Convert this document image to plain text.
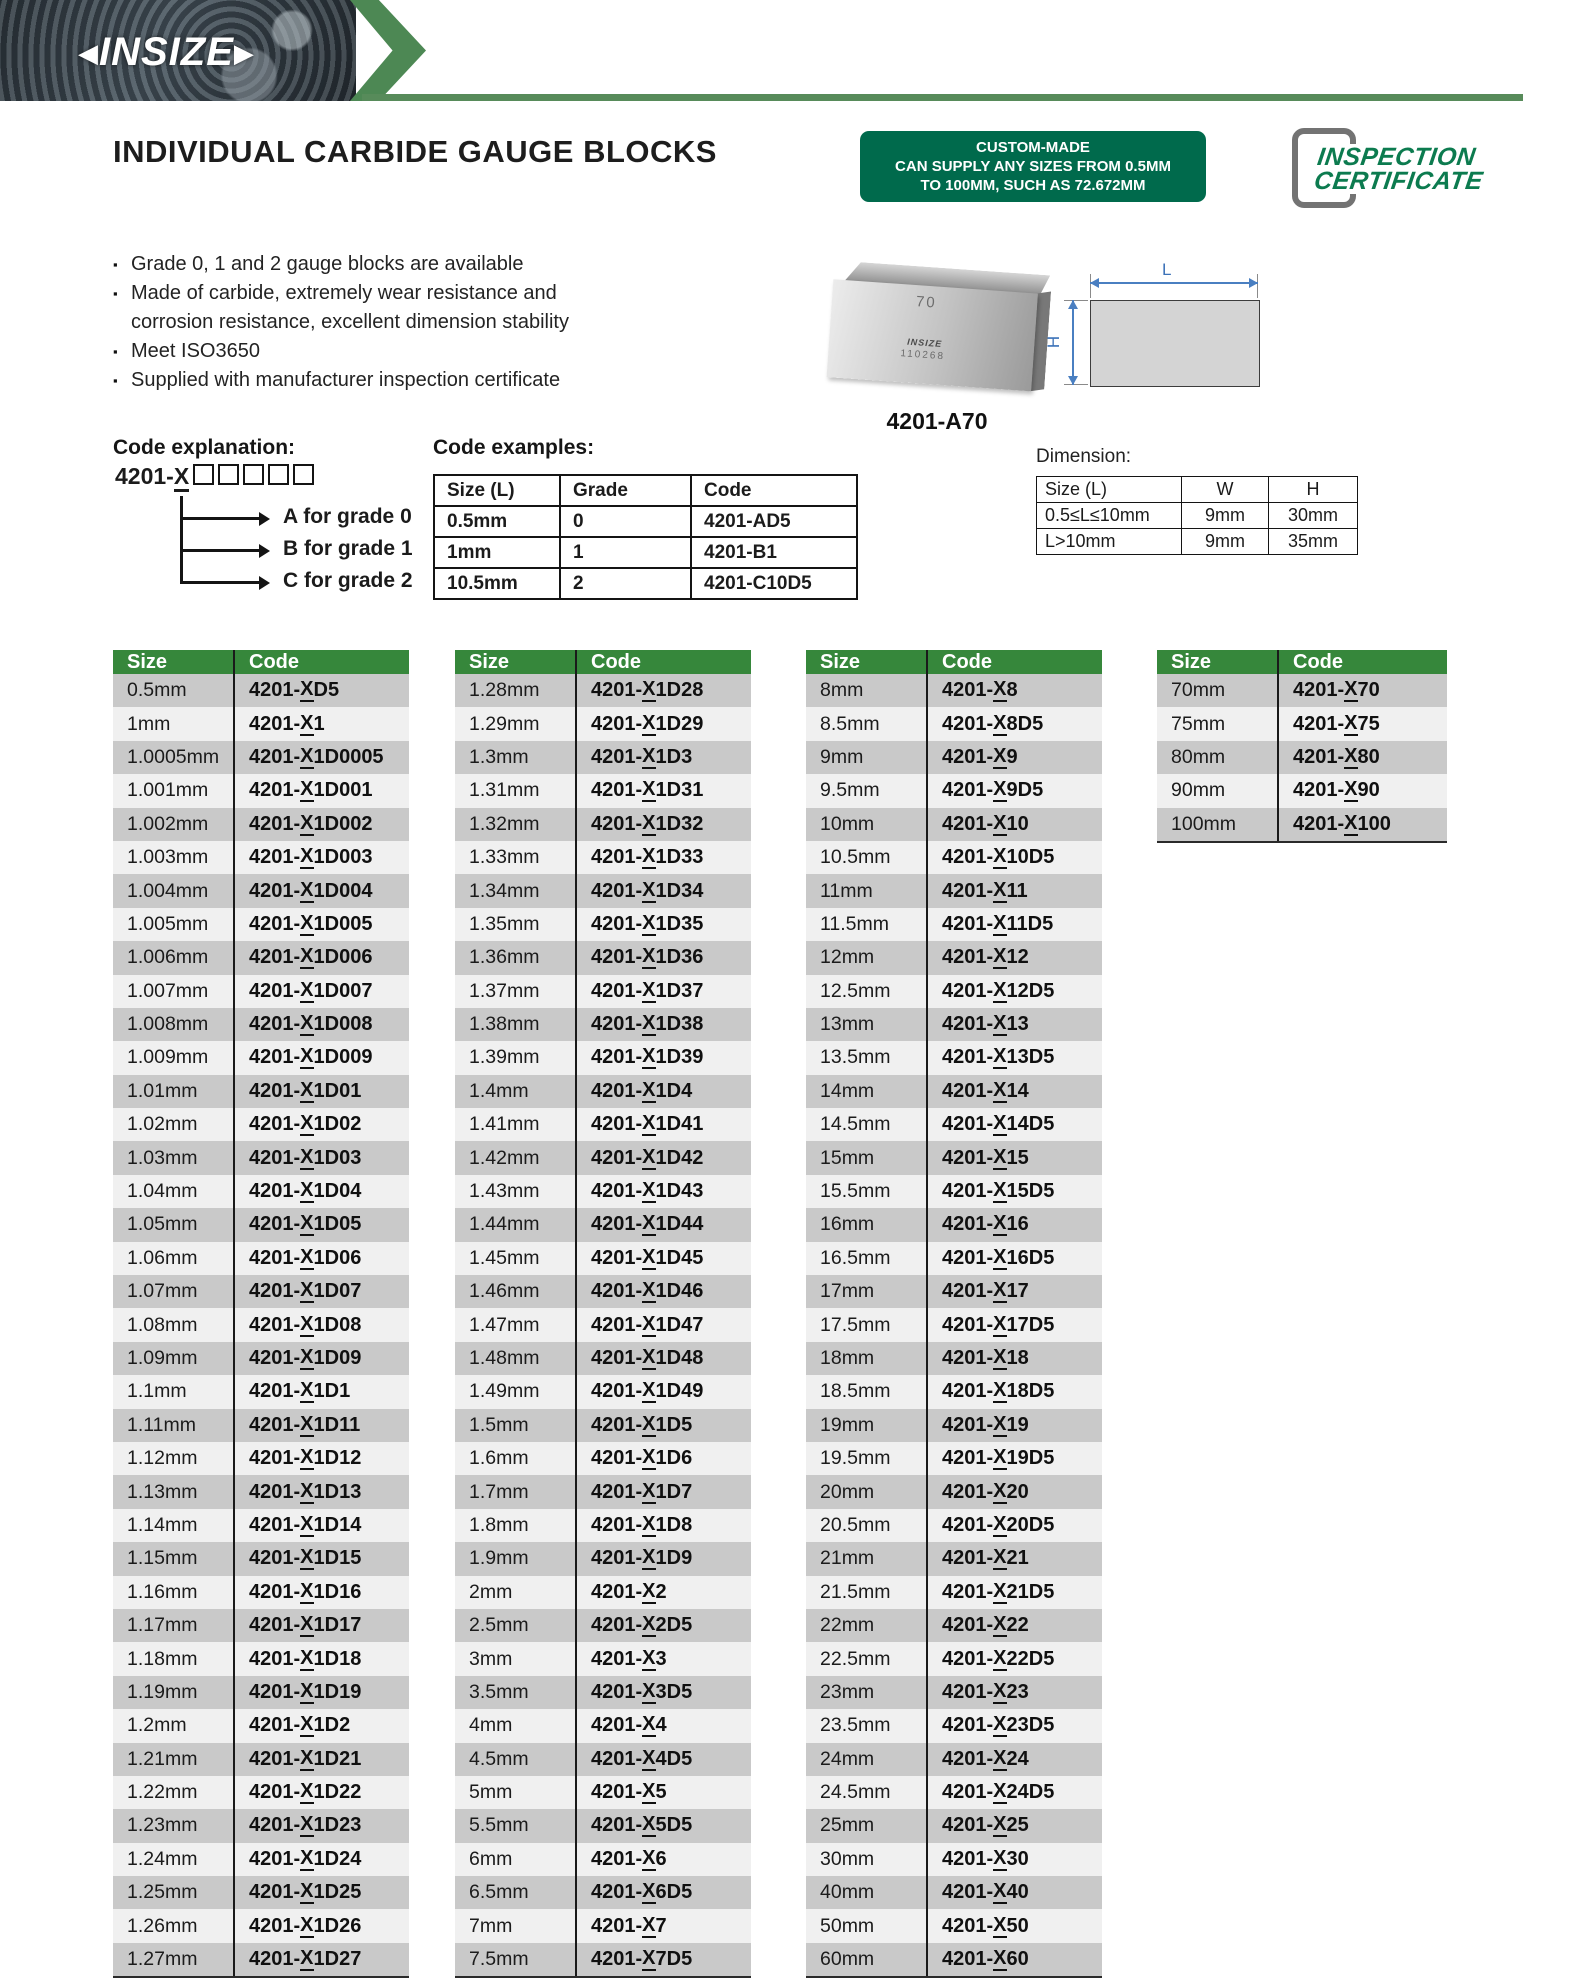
◀INSIZE▶
INDIVIDUAL CARBIDE GAUGE BLOCKS	CUSTOM-MADE
CAN SUPPLY ANY SIZES FROM 0.5MM
TO 100MM, SUCH AS 72.672MM
INSPECTION
CERTIFICATE
▪ Grade 0, 1 and 2 gauge blocks are available
▪ Made of carbide, extremely wear resistance and corrosion resistance, excellent dimension stability
▪ Meet ISO3650
▪ Supplied with manufacturer inspection certificate
70
INSIZE
110268
4201-A70
L
H
Code explanation:
4201-X
A for grade 0
B for grade 1
C for grade 2
Code examples:
Size (L)	Grade	Code
0.5mm	0	4201-AD5
1mm	1	4201-B1
10.5mm	2	4201-C10D5
Dimension:
Size (L)	W	H
0.5≤L≤10mm	9mm	30mm
L>10mm	9mm	35mm
Size	Code
0.5mm	4201- X D5
1mm	4201- X 1
1.0005mm	4201- X 1D0005
1.001mm	4201- X 1D001
1.002mm	4201- X 1D002
1.003mm	4201- X 1D003
1.004mm	4201- X 1D004
1.005mm	4201- X 1D005
1.006mm	4201- X 1D006
1.007mm	4201- X 1D007
1.008mm	4201- X 1D008
1.009mm	4201- X 1D009
1.01mm	4201- X 1D01
1.02mm	4201- X 1D02
1.03mm	4201- X 1D03
1.04mm	4201- X 1D04
1.05mm	4201- X 1D05
1.06mm	4201- X 1D06
1.07mm	4201- X 1D07
1.08mm	4201- X 1D08
1.09mm	4201- X 1D09
1.1mm	4201- X 1D1
1.11mm	4201- X 1D11
1.12mm	4201- X 1D12
1.13mm	4201- X 1D13
1.14mm	4201- X 1D14
1.15mm	4201- X 1D15
1.16mm	4201- X 1D16
1.17mm	4201- X 1D17
1.18mm	4201- X 1D18
1.19mm	4201- X 1D19
1.2mm	4201- X 1D2
1.21mm	4201- X 1D21
1.22mm	4201- X 1D22
1.23mm	4201- X 1D23
1.24mm	4201- X 1D24
1.25mm	4201- X 1D25
1.26mm	4201- X 1D26
1.27mm	4201- X 1D27
Size	Code
1.28mm	4201- X 1D28
1.29mm	4201- X 1D29
1.3mm	4201- X 1D3
1.31mm	4201- X 1D31
1.32mm	4201- X 1D32
1.33mm	4201- X 1D33
1.34mm	4201- X 1D34
1.35mm	4201- X 1D35
1.36mm	4201- X 1D36
1.37mm	4201- X 1D37
1.38mm	4201- X 1D38
1.39mm	4201- X 1D39
1.4mm	4201- X 1D4
1.41mm	4201- X 1D41
1.42mm	4201- X 1D42
1.43mm	4201- X 1D43
1.44mm	4201- X 1D44
1.45mm	4201- X 1D45
1.46mm	4201- X 1D46
1.47mm	4201- X 1D47
1.48mm	4201- X 1D48
1.49mm	4201- X 1D49
1.5mm	4201- X 1D5
1.6mm	4201- X 1D6
1.7mm	4201- X 1D7
1.8mm	4201- X 1D8
1.9mm	4201- X 1D9
2mm	4201- X 2
2.5mm	4201- X 2D5
3mm	4201- X 3
3.5mm	4201- X 3D5
4mm	4201- X 4
4.5mm	4201- X 4D5
5mm	4201- X 5
5.5mm	4201- X 5D5
6mm	4201- X 6
6.5mm	4201- X 6D5
7mm	4201- X 7
7.5mm	4201- X 7D5
Size	Code
8mm	4201- X 8
8.5mm	4201- X 8D5
9mm	4201- X 9
9.5mm	4201- X 9D5
10mm	4201- X 10
10.5mm	4201- X 10D5
11mm	4201- X 11
11.5mm	4201- X 11D5
12mm	4201- X 12
12.5mm	4201- X 12D5
13mm	4201- X 13
13.5mm	4201- X 13D5
14mm	4201- X 14
14.5mm	4201- X 14D5
15mm	4201- X 15
15.5mm	4201- X 15D5
16mm	4201- X 16
16.5mm	4201- X 16D5
17mm	4201- X 17
17.5mm	4201- X 17D5
18mm	4201- X 18
18.5mm	4201- X 18D5
19mm	4201- X 19
19.5mm	4201- X 19D5
20mm	4201- X 20
20.5mm	4201- X 20D5
21mm	4201- X 21
21.5mm	4201- X 21D5
22mm	4201- X 22
22.5mm	4201- X 22D5
23mm	4201- X 23
23.5mm	4201- X 23D5
24mm	4201- X 24
24.5mm	4201- X 24D5
25mm	4201- X 25
30mm	4201- X 30
40mm	4201- X 40
50mm	4201- X 50
60mm	4201- X 60
Size	Code
70mm	4201- X 70
75mm	4201- X 75
80mm	4201- X 80
90mm	4201- X 90
100mm	4201- X 100
